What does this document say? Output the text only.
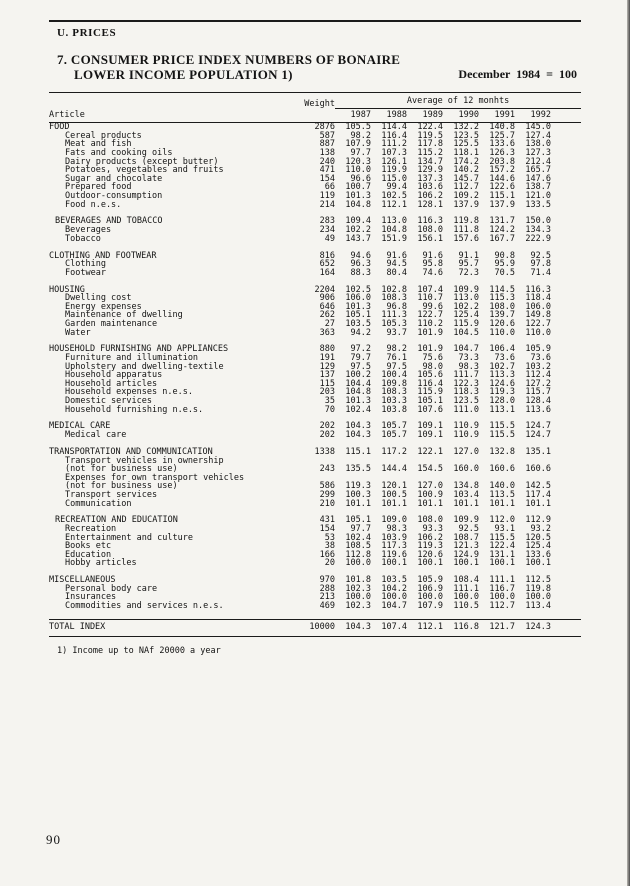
U. PRICES
7. CONSUMER PRICE INDEX NUMBERS OF BONAIRE
LOWER INCOME POPULATION 1)	December 1984 = 100
	Weight	Average of 12 monhts						
Article		1987	1988	1989	1990	1991	1992	
FOOD	2876	105.5	114.4	122.4	132.2	140.8	145.0	
Cereal products	587	98.2	116.4	119.5	123.5	125.7	127.4	
Meat and fish	887	107.9	111.2	117.8	125.5	133.6	138.0	
Fats and cooking oils	138	97.7	107.3	115.2	118.1	126.3	127.3	
Dairy products (except butter)	240	120.3	126.1	134.7	174.2	203.8	212.4	
Potatoes, vegetables and fruits	471	110.0	119.9	129.9	140.2	157.2	165.7	
Sugar and chocolate	154	96.6	115.0	137.3	145.7	144.6	147.6	
Prepared food	66	100.7	99.4	103.6	112.7	122.6	138.7	
Outdoor-consumption	119	101.3	102.5	106.2	109.2	115.1	121.0	
Food n.e.s.	214	104.8	112.1	128.1	137.9	137.9	133.5	

BEVERAGES AND TOBACCO	283	109.4	113.0	116.3	119.8	131.7	150.0	
Beverages	234	102.2	104.8	108.0	111.8	124.2	134.3	
Tobacco	49	143.7	151.9	156.1	157.6	167.7	222.9	

CLOTHING AND FOOTWEAR	816	94.6	91.6	91.6	91.1	90.8	92.5	
Clothing	652	96.3	94.5	95.8	95.7	95.9	97.8	
Footwear	164	88.3	80.4	74.6	72.3	70.5	71.4	

HOUSING	2204	102.5	102.8	107.4	109.9	114.5	116.3	
Dwelling cost	906	106.0	108.3	110.7	113.0	115.3	118.4	
Energy expenses	646	101.3	96.8	99.6	102.2	108.0	106.0	
Maintenance of dwelling	262	105.1	111.3	122.7	125.4	139.7	149.8	
Garden maintenance	27	103.5	105.3	110.2	115.9	120.6	122.7	
Water	363	94.2	93.7	101.9	104.5	110.0	110.0	

HOUSEHOLD FURNISHING AND APPLIANCES	880	97.2	98.2	101.9	104.7	106.4	105.9	
Furniture and illumination	191	79.7	76.1	75.6	73.3	73.6	73.6	
Upholstery and dwelling-textile	129	97.5	97.5	98.0	98.3	102.7	103.2	
Household apparatus	137	100.2	100.4	105.6	111.7	113.3	112.4	
Household articles	115	104.4	109.8	116.4	122.3	124.6	127.2	
Household expenses n.e.s.	203	104.8	108.3	115.9	118.3	119.3	115.7	
Domestic services	35	101.3	103.3	105.1	123.5	128.0	128.4	
Household furnishing n.e.s.	70	102.4	103.8	107.6	111.0	113.1	113.6	

MEDICAL CARE	202	104.3	105.7	109.1	110.9	115.5	124.7	
Medical care	202	104.3	105.7	109.1	110.9	115.5	124.7	

TRANSPORTATION AND COMMUNICATION	1338	115.1	117.2	122.1	127.0	132.8	135.1	
Transport vehicles in ownership								
(not for business use)	243	135.5	144.4	154.5	160.0	160.6	160.6	
Expenses for own transport vehicles								
(not for business use)	586	119.3	120.1	127.0	134.8	140.0	142.5	
Transport services	299	100.3	100.5	100.9	103.4	113.5	117.4	
Communication	210	101.1	101.1	101.1	101.1	101.1	101.1	

RECREATION AND EDUCATION	431	105.1	109.0	108.0	109.9	112.0	112.9	
Recreation	154	97.7	98.3	93.3	92.5	93.1	93.2	
Entertainment and culture	53	102.4	103.9	106.2	108.7	115.5	120.5	
Books etc	38	108.5	117.3	119.3	121.3	122.4	125.4	
Education	166	112.8	119.6	120.6	124.9	131.1	133.6	
Hobby articles	20	100.0	100.1	100.1	100.1	100.1	100.1	

MISCELLANEOUS	970	101.8	103.5	105.9	108.4	111.1	112.5	
Personal body care	288	102.3	104.2	106.9	111.1	116.7	119.8	
Insurances	213	100.0	100.0	100.0	100.0	100.0	100.0	
Commodities and services n.e.s.	469	102.3	104.7	107.9	110.5	112.7	113.4	

TOTAL INDEX	10000	104.3	107.4	112.1	116.8	121.7	124.3	
1) Income up to NAf 20000 a year
90
